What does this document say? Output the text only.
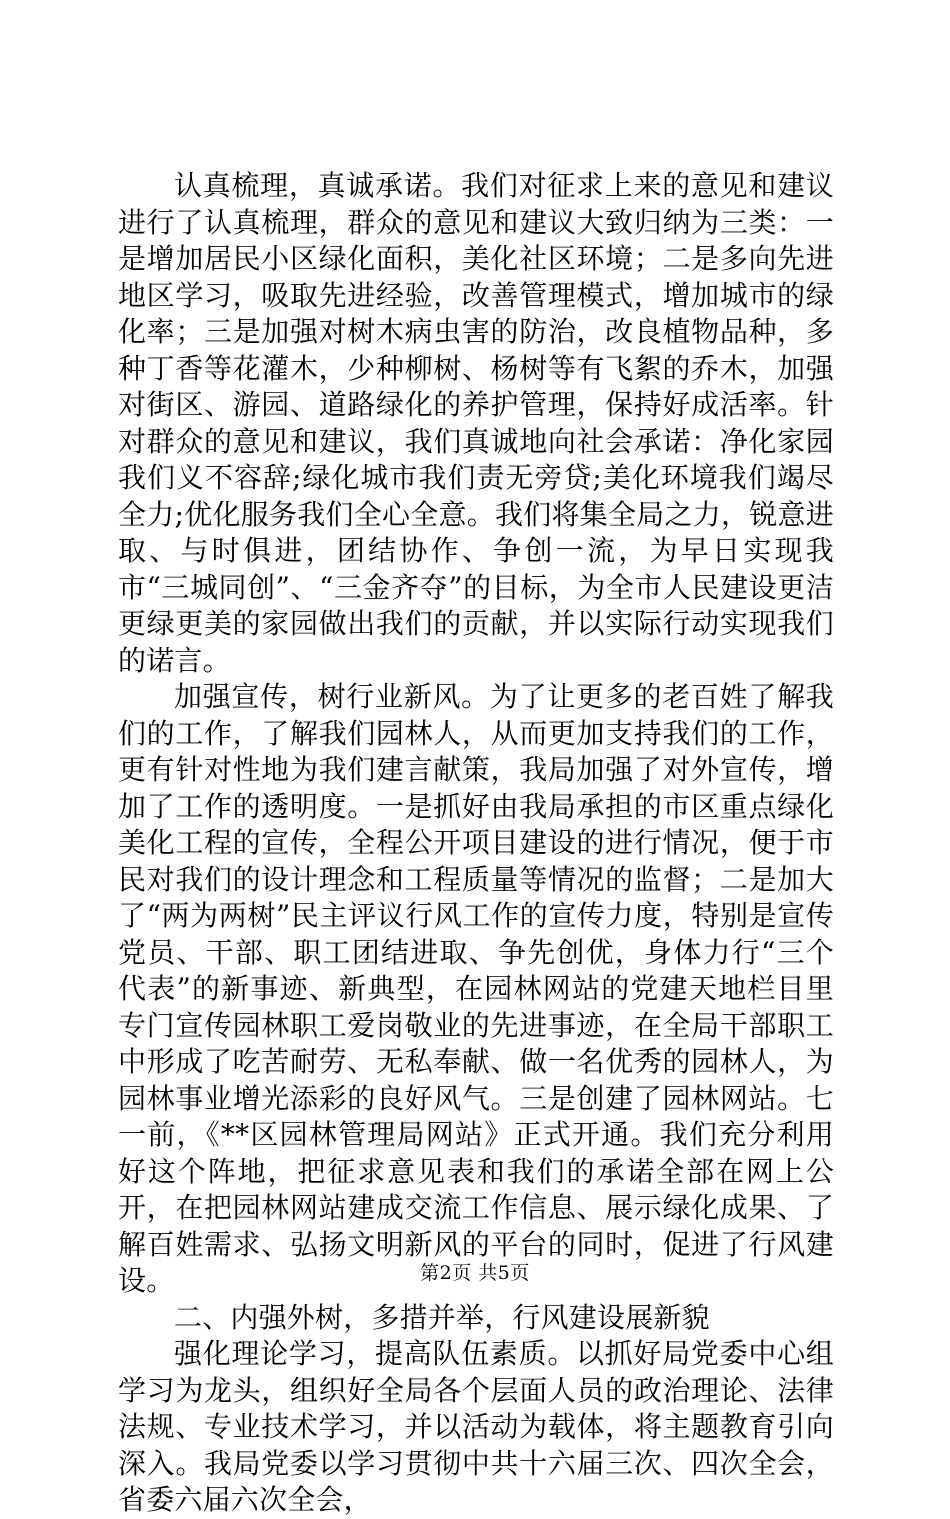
认真梳理，真诚承诺。我们对征求上来的意见和建议进行了认真梳理，群众的意见和建议大致归纳为三类：一是增加居民小区绿化面积，美化社区环境；二是多向先进地区学习，吸取先进经验，改善管理模式，增加城市的绿化率；三是加强对树木病虫害的防治，改良植物品种，多种丁香等花灌木，少种柳树、杨树等有飞絮的乔木，加强对街区、游园、道路绿化的养护管理，保持好成活率。针对群众的意见和建议，我们真诚地向社会承诺：净化家园我们义不容辞;绿化城市我们责无旁贷;美化环境我们竭尽全力;优化服务我们全心全意。我们将集全局之力，锐意进取、与时俱进，团结协作、争创一流，为早日实现我市“三城同创”、“三金齐夺”的目标，为全市人民建设更洁更绿更美的家园做出我们的贡献，并以实际行动实现我们的诺言。

加强宣传，树行业新风。为了让更多的老百姓了解我们的工作，了解我们园林人，从而更加支持我们的工作，更有针对性地为我们建言献策，我局加强了对外宣传，增加了工作的透明度。一是抓好由我局承担的市区重点绿化美化工程的宣传，全程公开项目建设的进行情况，便于市民对我们的设计理念和工程质量等情况的监督；二是加大了“两为两树”民主评议行风工作的宣传力度，特别是宣传党员、干部、职工团结进取、争先创优，身体力行“三个代表”的新事迹、新典型，在园林网站的党建天地栏目里专门宣传园林职工爱岗敬业的先进事迹，在全局干部职工中形成了吃苦耐劳、无私奉献、做一名优秀的园林人，为园林事业增光添彩的良好风气。三是创建了园林网站。七一前，《**区园林管理局网站》正式开通。我们充分利用好这个阵地，把征求意见表和我们的承诺全部在网上公开，在把园林网站建成交流工作信息、展示绿化成果、了解百姓需求、弘扬文明新风的平台的同时，促进了行风建设。

二、内强外树，多措并举，行风建设展新貌

强化理论学习，提高队伍素质。以抓好局党委中心组学习为龙头，组织好全局各个层面人员的政治理论、法律法规、专业技术学习，并以活动为载体，将主题教育引向深入。我局党委以学习贯彻中共十六届三次、四次全会，省委六届六次全会，

第2页 共5页
